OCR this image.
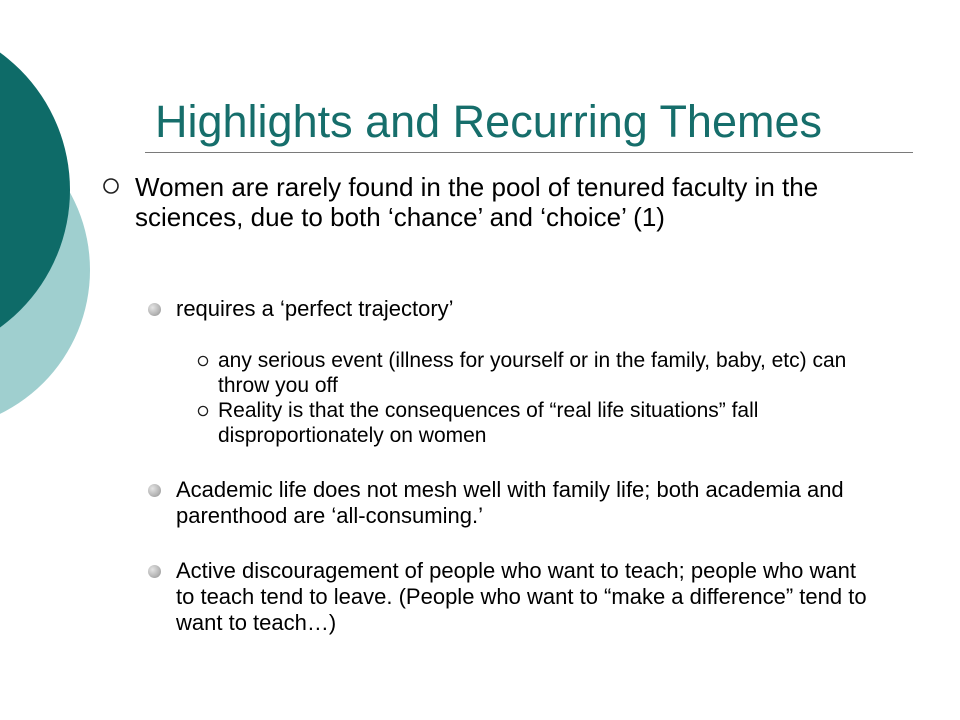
Highlights and Recurring Themes
Women are rarely found in the pool of tenured faculty in the sciences, due to both ‘chance’ and ‘choice’ (1)
requires a ‘perfect trajectory’
any serious event (illness for yourself or in the family, baby, etc) can throw you off
Reality is that the consequences of “real life situations” fall disproportionately on women
Academic life does not mesh well with family life; both academia and parenthood are ‘all-consuming.’
Active discouragement of people who want to teach; people who want to teach tend to leave. (People who want to “make a difference” tend to want to teach…)
